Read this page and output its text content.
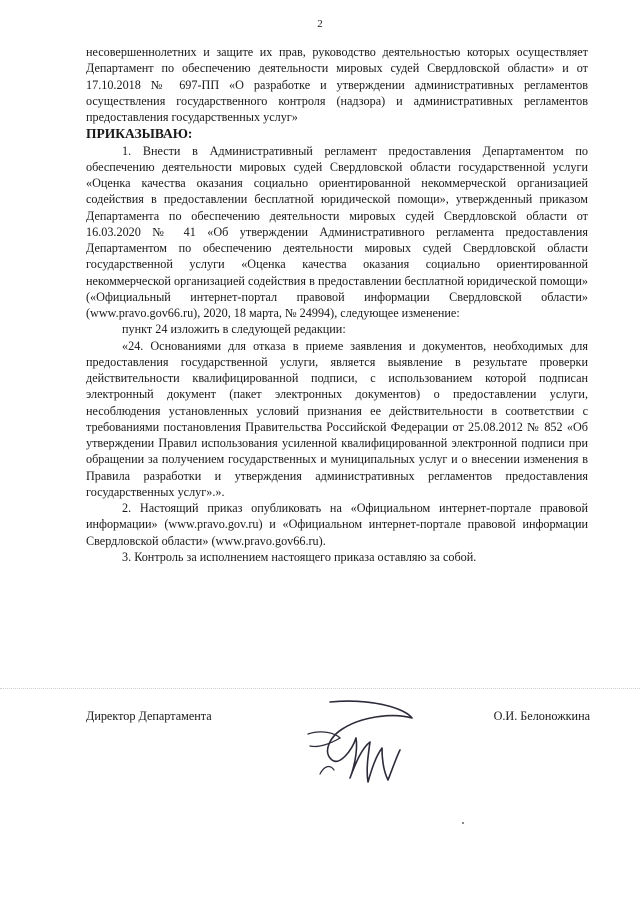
2

несовершеннолетних и защите их прав, руководство деятельностью которых осуществляет Департамент по обеспечению деятельности мировых судей Свердловской области» и от 17.10.2018 № 697-ПП «О разработке и утверждении административных регламентов осуществления государственного контроля (надзора) и административных регламентов предоставления государственных услуг»

ПРИКАЗЫВАЮ:

1. Внести в Административный регламент предоставления Департаментом по обеспечению деятельности мировых судей Свердловской области государственной услуги «Оценка качества оказания социально ориентированной некоммерческой организацией содействия в предоставлении бесплатной юридической помощи», утвержденный приказом Департамента по обеспечению деятельности мировых судей Свердловской области от 16.03.2020 № 41 «Об утверждении Административного регламента предоставления Департаментом по обеспечению деятельности мировых судей Свердловской области государственной услуги «Оценка качества оказания социально ориентированной некоммерческой организацией содействия в предоставлении бесплатной юридической помощи» («Официальный интернет-портал правовой информации Свердловской области» (www.pravo.gov66.ru), 2020, 18 марта, № 24994), следующее изменение:

пункт 24 изложить в следующей редакции:

«24. Основаниями для отказа в приеме заявления и документов, необходимых для предоставления государственной услуги, является выявление в результате проверки действительности квалифицированной подписи, с использованием которой подписан электронный документ (пакет электронных документов) о предоставлении услуги, несоблюдения установленных условий признания ее действительности в соответствии с требованиями постановления Правительства Российской Федерации от 25.08.2012 № 852 «Об утверждении Правил использования усиленной квалифицированной электронной подписи при обращении за получением государственных и муниципальных услуг и о внесении изменения в Правила разработки и утверждения административных регламентов предоставления государственных услуг».».

2. Настоящий приказ опубликовать на «Официальном интернет-портале правовой информации» (www.pravo.gov.ru) и «Официальном интернет-портале правовой информации Свердловской области» (www.pravo.gov66.ru).

3. Контроль за исполнением настоящего приказа оставляю за собой.

Директор Департамента	О.И. Белоножкина
